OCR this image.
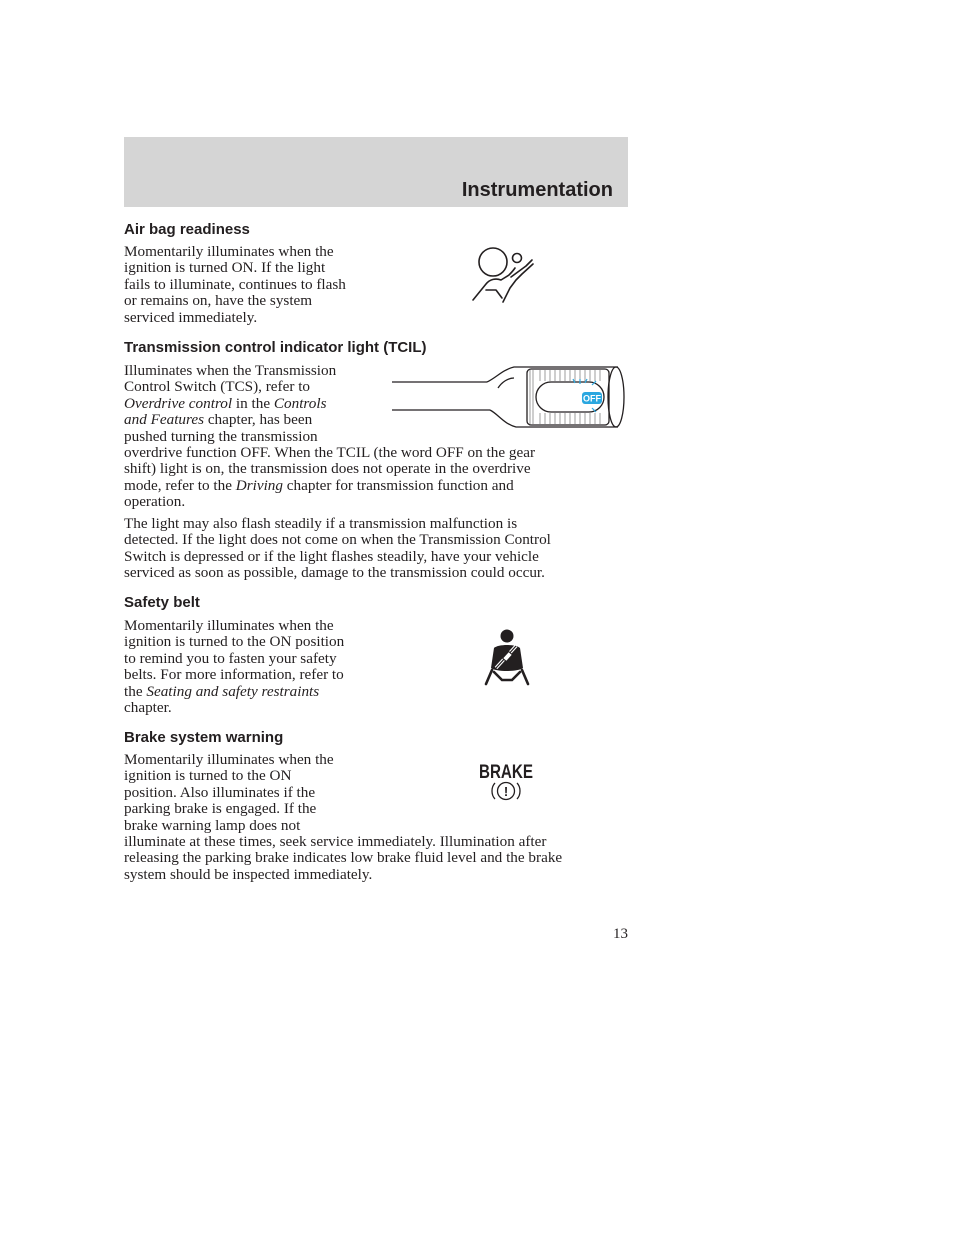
Instrumentation
Air bag readiness

Momentarily illuminates when the
ignition is turned ON. If the light
fails to illuminate, continues to flash
or remains on, have the system
serviced immediately.

Transmission control indicator light (TCIL)

Illuminates when the Transmission
Control Switch (TCS), refer to
Overdrive control in the Controls
and Features chapter, has been
pushed turning the transmission
overdrive function OFF. When the TCIL (the word OFF on the gear
shift) light is on, the transmission does not operate in the overdrive
mode, refer to the Driving chapter for transmission function and
operation.

The light may also flash steadily if a transmission malfunction is
detected. If the light does not come on when the Transmission Control
Switch is depressed or if the light flashes steadily, have your vehicle
serviced as soon as possible, damage to the transmission could occur.

Safety belt

Momentarily illuminates when the
ignition is turned to the ON position
to remind you to fasten your safety
belts. For more information, refer to
the Seating and safety restraints
chapter.

Brake system warning

Momentarily illuminates when the
ignition is turned to the ON
position. Also illuminates if the
parking brake is engaged. If the
brake warning lamp does not
illuminate at these times, seek service immediately. Illumination after
releasing the parking brake indicates low brake fluid level and the brake
system should be inspected immediately.

OFF
BRAKE
!
13
